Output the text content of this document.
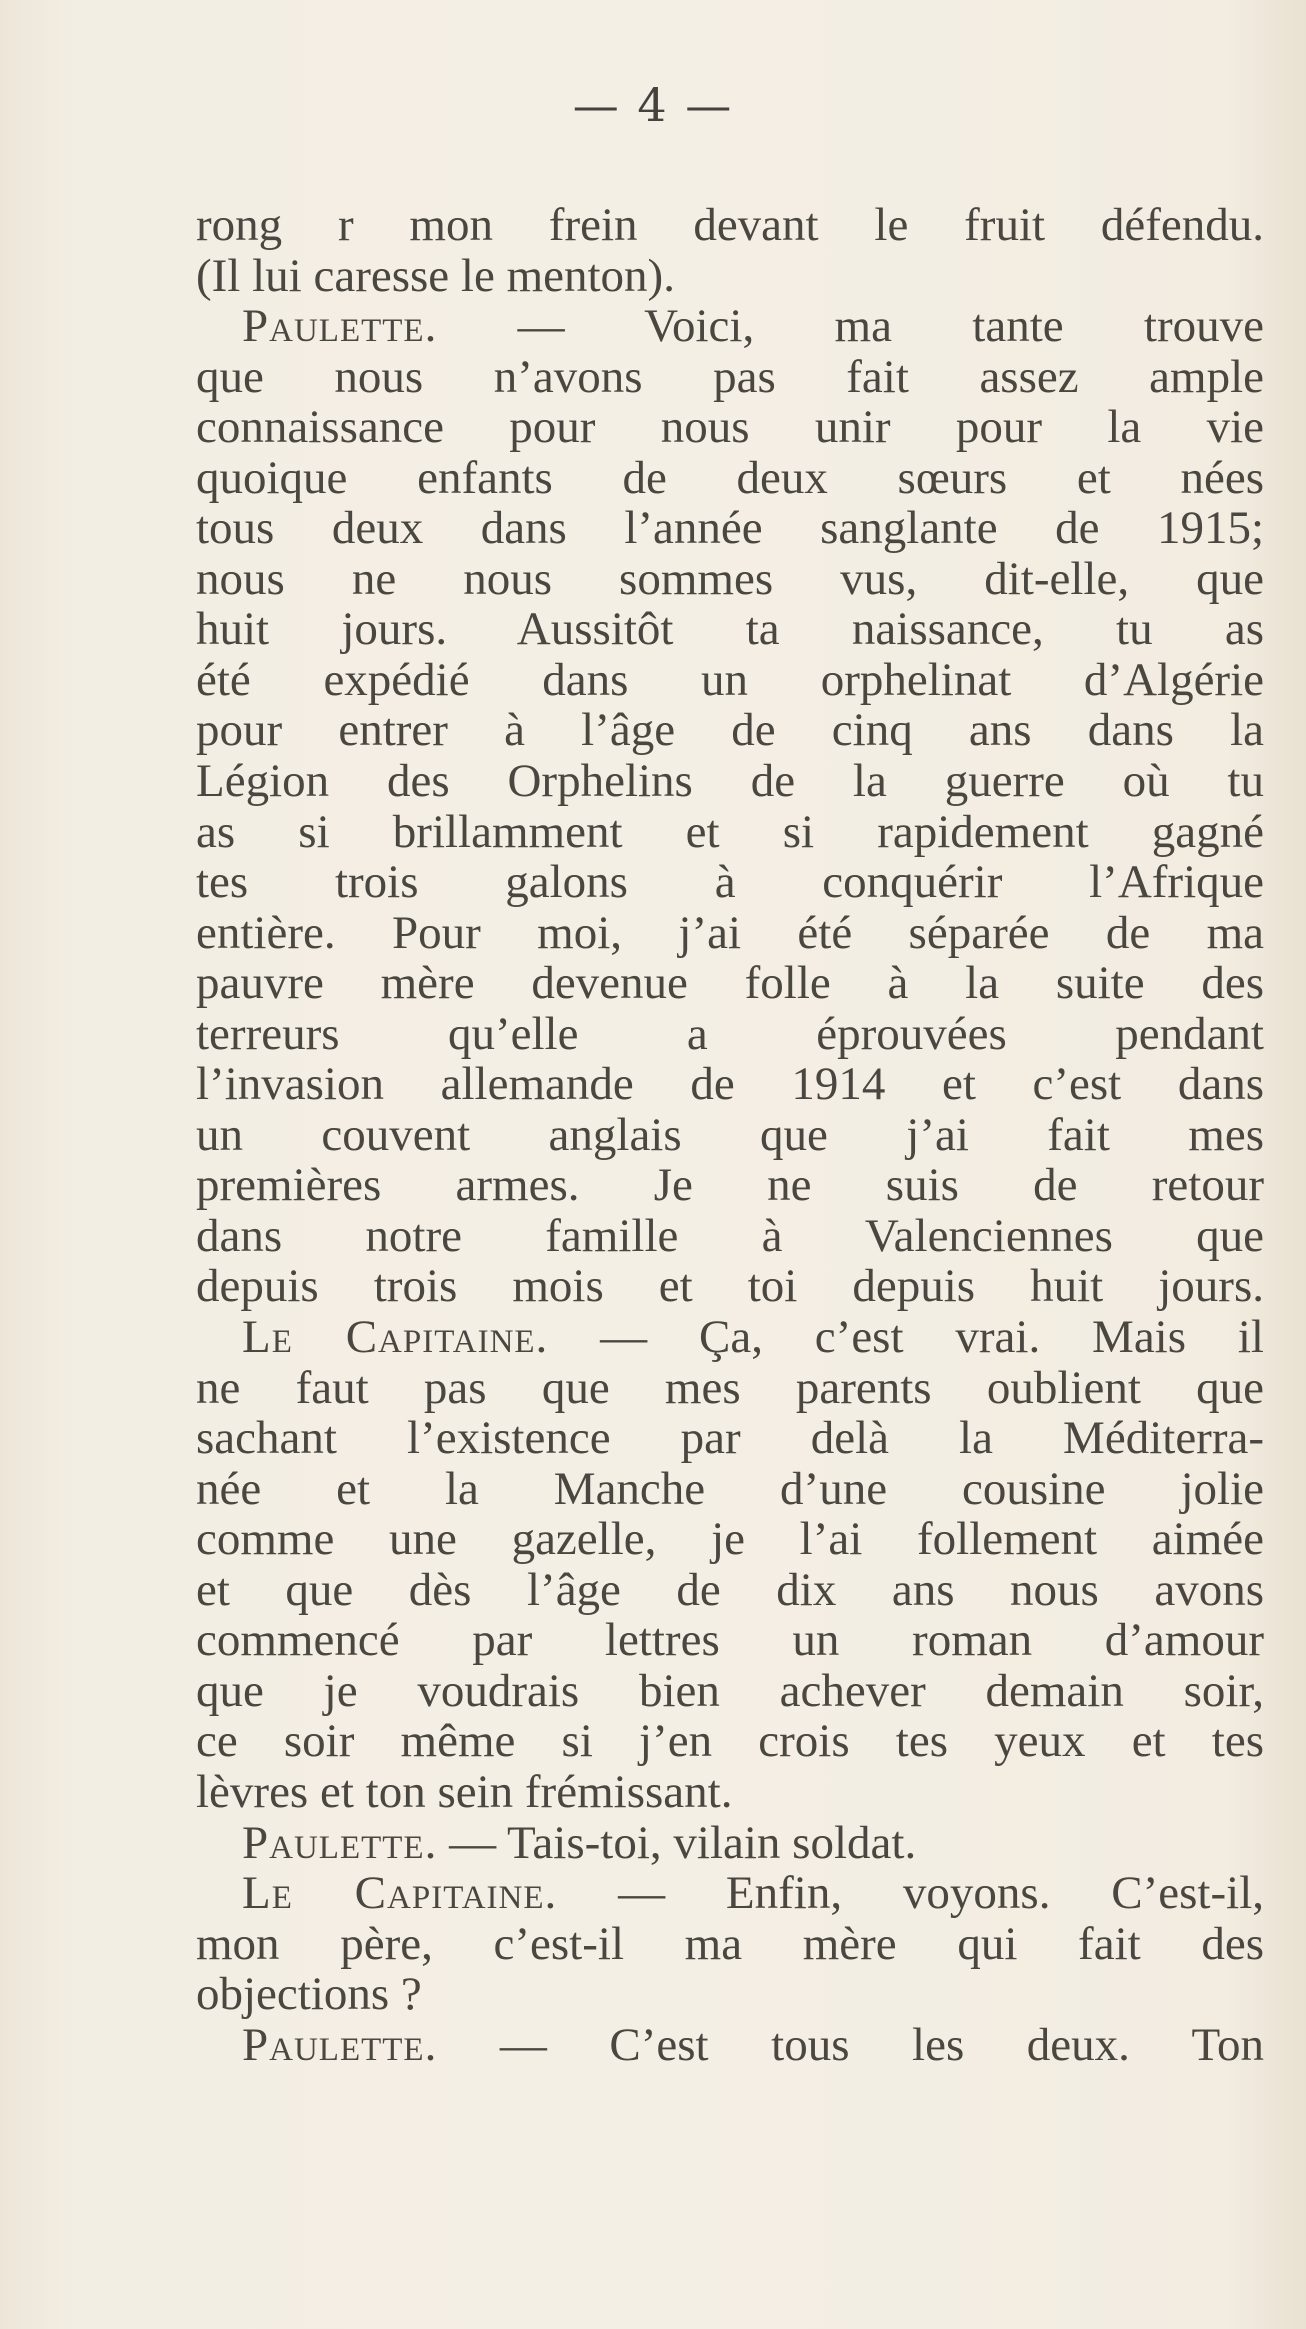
— 4 —
rong r mon frein devant le fruit défendu.
(Il lui caresse le menton).
Paulette. — Voici, ma tante trouve
que nous n’avons pas fait assez ample
connaissance pour nous unir pour la vie
quoique enfants de deux sœurs et nées
tous deux dans l’année sanglante de 1915;
nous ne nous sommes vus, dit-elle, que
huit jours. Aussitôt ta naissance, tu as
été expédié dans un orphelinat d’Algérie
pour entrer à l’âge de cinq ans dans la
Légion des Orphelins de la guerre où tu
as si brillamment et si rapidement gagné
tes trois galons à conquérir l’Afrique
entière. Pour moi, j’ai été séparée de ma
pauvre mère devenue folle à la suite des
terreurs qu’elle a éprouvées pendant
l’invasion allemande de 1914 et c’est dans
un couvent anglais que j’ai fait mes
premières armes. Je ne suis de retour
dans notre famille à Valenciennes que
depuis trois mois et toi depuis huit jours.
Le Capitaine. — Ça, c’est vrai. Mais il
ne faut pas que mes parents oublient que
sachant l’existence par delà la Méditerra-
née et la Manche d’une cousine jolie
comme une gazelle, je l’ai follement aimée
et que dès l’âge de dix ans nous avons
commencé par lettres un roman d’amour
que je voudrais bien achever demain soir,
ce soir même si j’en crois tes yeux et tes
lèvres et ton sein frémissant.
Paulette. — Tais-toi, vilain soldat.
Le Capitaine. — Enfin, voyons. C’est-il,
mon père, c’est-il ma mère qui fait des
objections ?
Paulette. — C’est tous les deux. Ton
